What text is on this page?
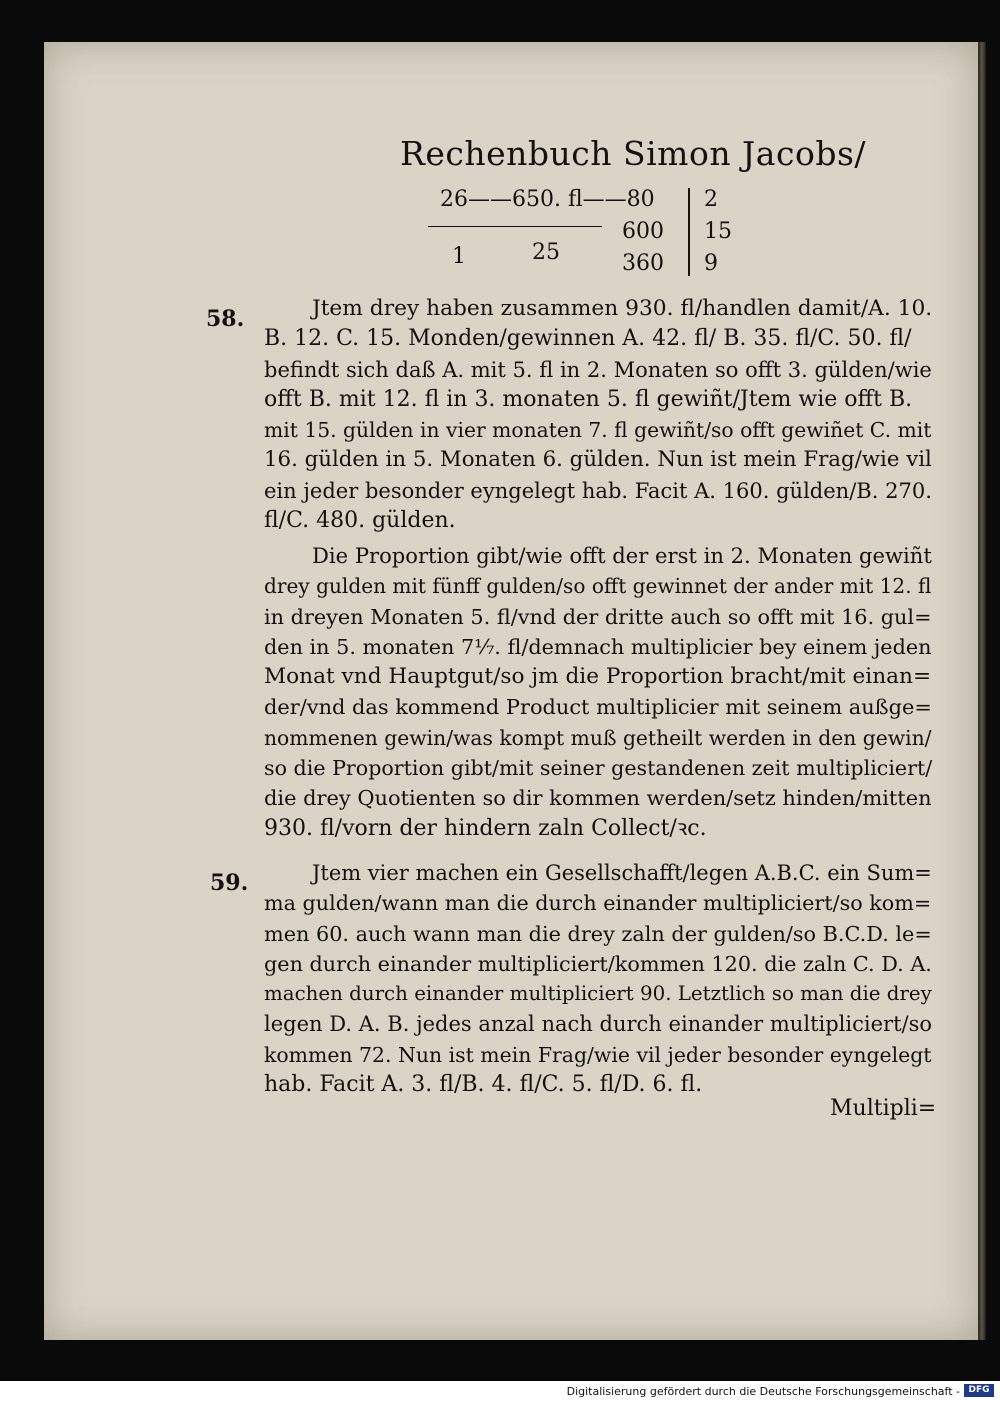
Rechenbuch Simon Jacobs/
26——650. fl——80 2
600 15
1	25	360 9
58.	Jtem drey haben zusammen 930. fl/handlen damit/A. 10.
B. 12. C. 15. Monden/gewinnen A. 42. fl/ B. 35. fl/C. 50. fl/
befindt sich daß A. mit 5. fl in 2. Monaten so offt 3. gülden/wie
offt B. mit 12. fl in 3. monaten 5. fl gewiñt/Jtem wie offt B.
mit 15. gülden in vier monaten 7. fl gewiñt/so offt gewiñet C. mit
16. gülden in 5. Monaten 6. gülden. Nun ist mein Frag/wie vil
ein jeder besonder eyngelegt hab. Facit A. 160. gülden/B. 270.
fl/C. 480. gülden.
Die Proportion gibt/wie offt der erst in 2. Monaten gewiñt
drey gulden mit fünff gulden/so offt gewinnet der ander mit 12. fl
in dreyen Monaten 5. fl/vnd der dritte auch so offt mit 16. gul=
den in 5. monaten 7⅐. fl/demnach multiplicier bey einem jeden
Monat vnd Hauptgut/so jm die Proportion bracht/mit einan=
der/vnd das kommend Product multiplicier mit seinem außge=
nommenen gewin/was kompt muß getheilt werden in den gewin/
so die Proportion gibt/mit seiner gestandenen zeit multipliciert/
die drey Quotienten so dir kommen werden/setz hinden/mitten
930. fl/vorn der hindern zaln Collect/ꝛc.
59.	Jtem vier machen ein Gesellschafft/legen A.B.C. ein Sum=
ma gulden/wann man die durch einander multipliciert/so kom=
men 60. auch wann man die drey zaln der gulden/so B.C.D. le=
gen durch einander multipliciert/kommen 120. die zaln C. D. A.
machen durch einander multipliciert 90. Letztlich so man die drey
legen D. A. B. jedes anzal nach durch einander multipliciert/so
kommen 72. Nun ist mein Frag/wie vil jeder besonder eyngelegt
hab. Facit A. 3. fl/B. 4. fl/C. 5. fl/D. 6. fl.
Multipli=
Digitalisierung gefördert durch die Deutsche Forschungsgemeinschaft - DFG
